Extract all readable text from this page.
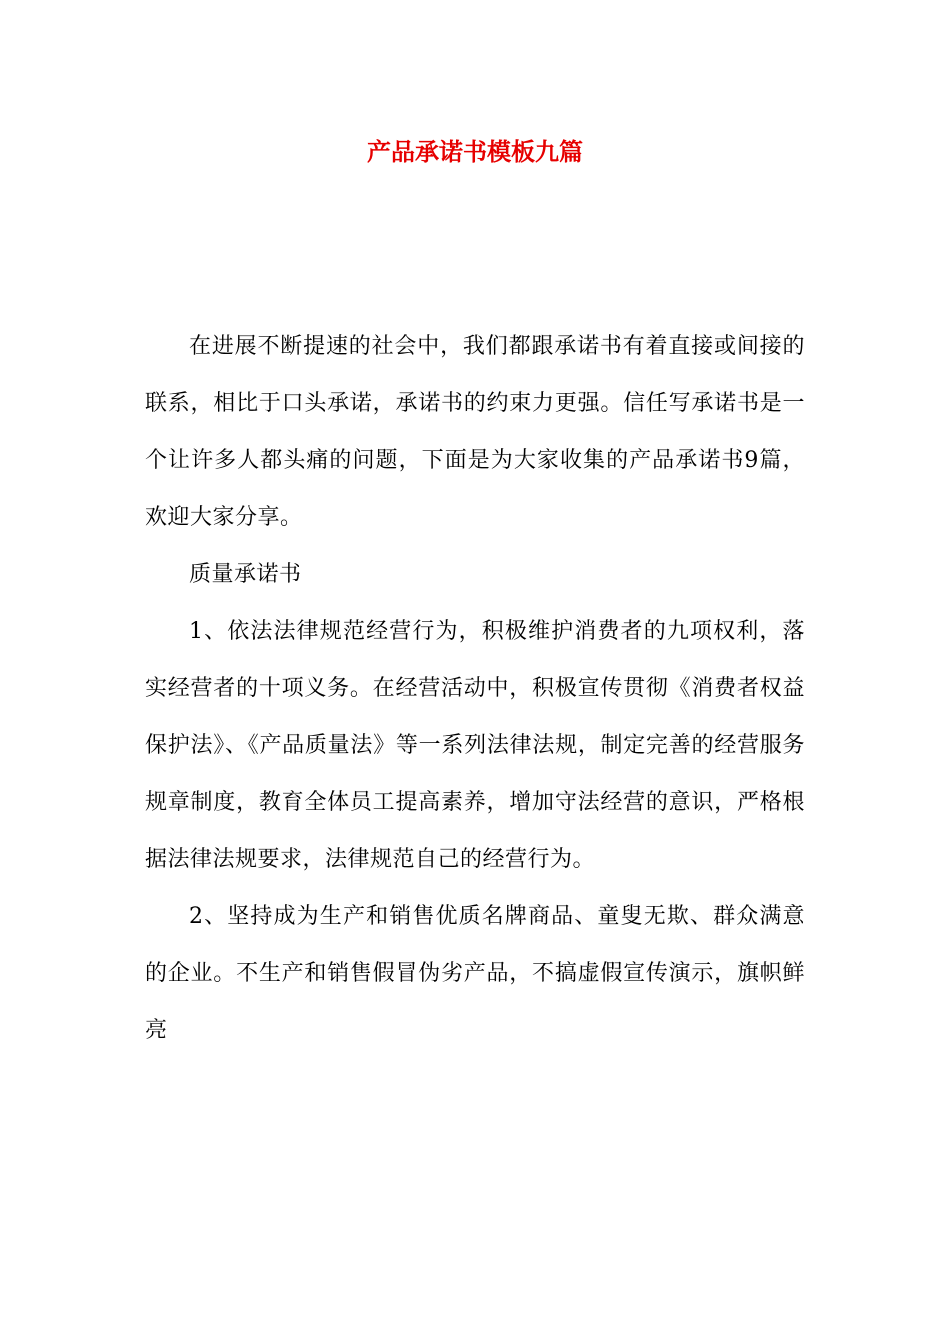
产品承诺书模板九篇

在进展不断提速的社会中，我们都跟承诺书有着直接或间接的联系，相比于口头承诺，承诺书的约束力更强。信任写承诺书是一个让许多人都头痛的问题，下面是为大家收集的产品承诺书9篇，欢迎大家分享。

质量承诺书

1、依法法律规范经营行为，积极维护消费者的九项权利，落实经营者的十项义务。在经营活动中，积极宣传贯彻《消费者权益保护法》、《产品质量法》等一系列法律法规，制定完善的经营服务规章制度，教育全体员工提高素养，增加守法经营的意识，严格根据法律法规要求，法律规范自己的经营行为。

2、坚持成为生产和销售优质名牌商品、童叟无欺、群众满意的企业。不生产和销售假冒伪劣产品，不搞虚假宣传演示，旗帜鲜亮
